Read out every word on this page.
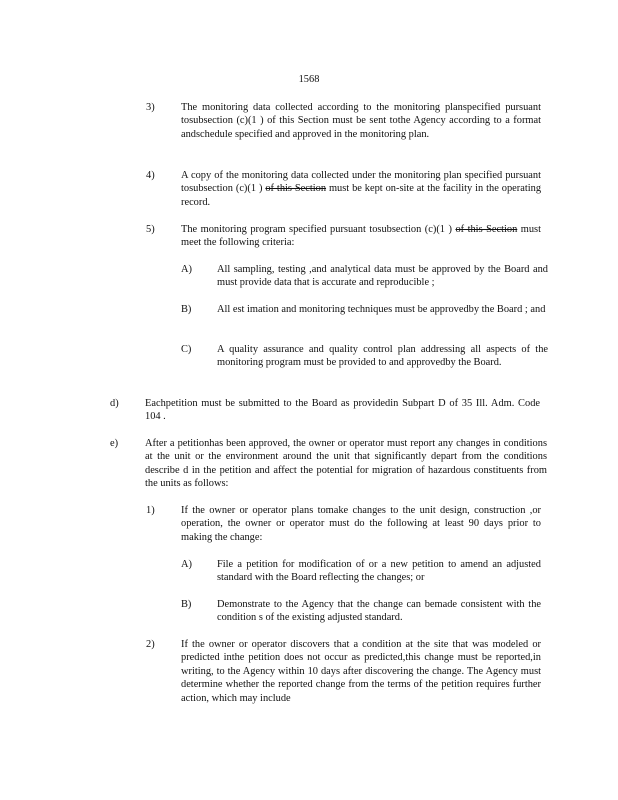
1568
3)	The monitoring data collected according to the monitoring planspecified pursuant tosubsection (c)(1 ) of this Section must be sent tothe Agency according to a format andschedule specified and approved in the monitoring plan.
4)	A copy of the monitoring data collected under the monitoring plan specified pursuant tosubsection (c)(1 ) of this Section must be kept on-site at the facility in the operating record.
5)	The monitoring program specified pursuant tosubsection (c)(1 ) of this Section must meet the following criteria:
A) All sampling, testing ,and analytical data must be approved by the Board and must provide data that is accurate and reproducible ;
B) All est imation and monitoring techniques must be approvedby the Board ; and
C) A quality assurance and quality control plan addressing all aspects of the monitoring program must be provided to and approvedby the Board.
d)	Eachpetition must be submitted to the Board as providedin Subpart D of 35 Ill. Adm. Code 104 .
e)	After a petitionhas been approved, the owner or operator must report any changes in conditions at the unit or the environment around the unit that significantly depart from the conditions describe d in the petition and affect the potential for migration of hazardous constituents from the units as follows:
1)	If the owner or operator plans tomake changes to the unit design, construction ,or operation, the owner or operator must do the following at least 90 days prior to making the change:
A) File a petition for modification of or a new petition to amend an adjusted standard with the Board reflecting the changes; or
B) Demonstrate to the Agency that the change can bemade consistent with the condition s of the existing adjusted standard.
2)	If the owner or operator discovers that a condition at the site that was modeled or predicted inthe petition does not occur as predicted,this change must be reported,in writing, to the Agency within 10 days after discovering the change. The Agency must determine whether the reported change from the terms of the petition requires further action, which may include
